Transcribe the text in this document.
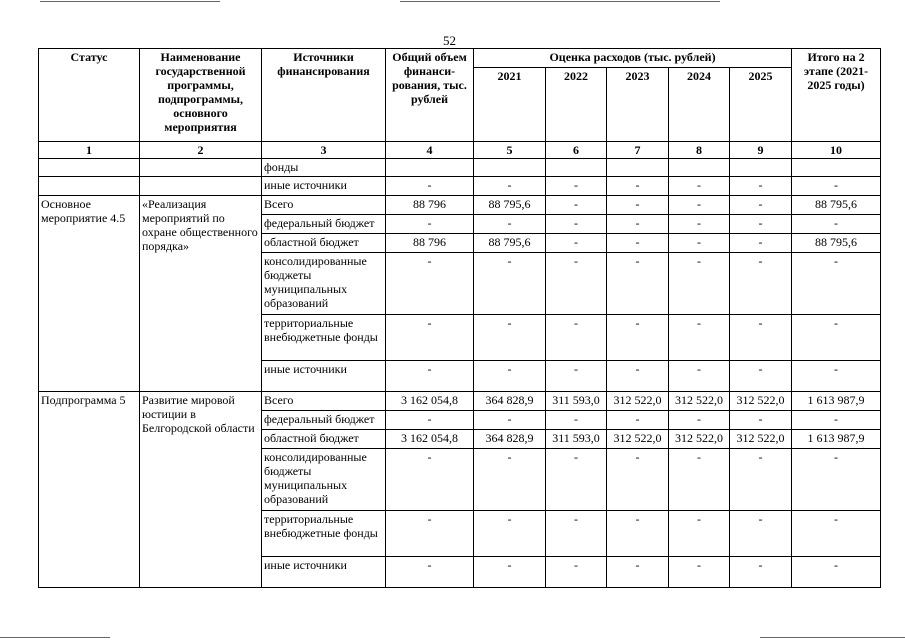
52
Статус	Наименование государственной программы, подпрограммы, основного мероприятия	Источники финансирования	Общий объем финанси-рования, тыс. рублей	Оценка расходов (тыс. рублей)					Итого на 2 этапе (2021-2025 годы)
				2021	2022	2023	2024	2025	
1	2	3	4	5	6	7	8	9	10
		фонды							
		иные источники	-	-	-	-	-	-	-
Основное мероприятие 4.5	«Реализация мероприятий по охране общественного порядка»	Всего	88 796	88 795,6	-	-	-	-	88 795,6
		федеральный бюджет	-	-	-	-	-	-	-
		областной бюджет	88 796	88 795,6	-	-	-	-	88 795,6
		консолидированные бюджеты муниципальных образований	-	-	-	-	-	-	-
		территориальные внебюджетные фонды	-	-	-	-	-	-	-
		иные источники	-	-	-	-	-	-	-
Подпрограмма 5	Развитие мировой юстиции в Белгородской области	Всего	3 162 054,8	364 828,9	311 593,0	312 522,0	312 522,0	312 522,0	1 613 987,9
		федеральный бюджет	-	-	-	-	-	-	-
		областной бюджет	3 162 054,8	364 828,9	311 593,0	312 522,0	312 522,0	312 522,0	1 613 987,9
		консолидированные бюджеты муниципальных образований	-	-	-	-	-	-	-
		территориальные внебюджетные фонды	-	-	-	-	-	-	-
		иные источники	-	-	-	-	-	-	-
